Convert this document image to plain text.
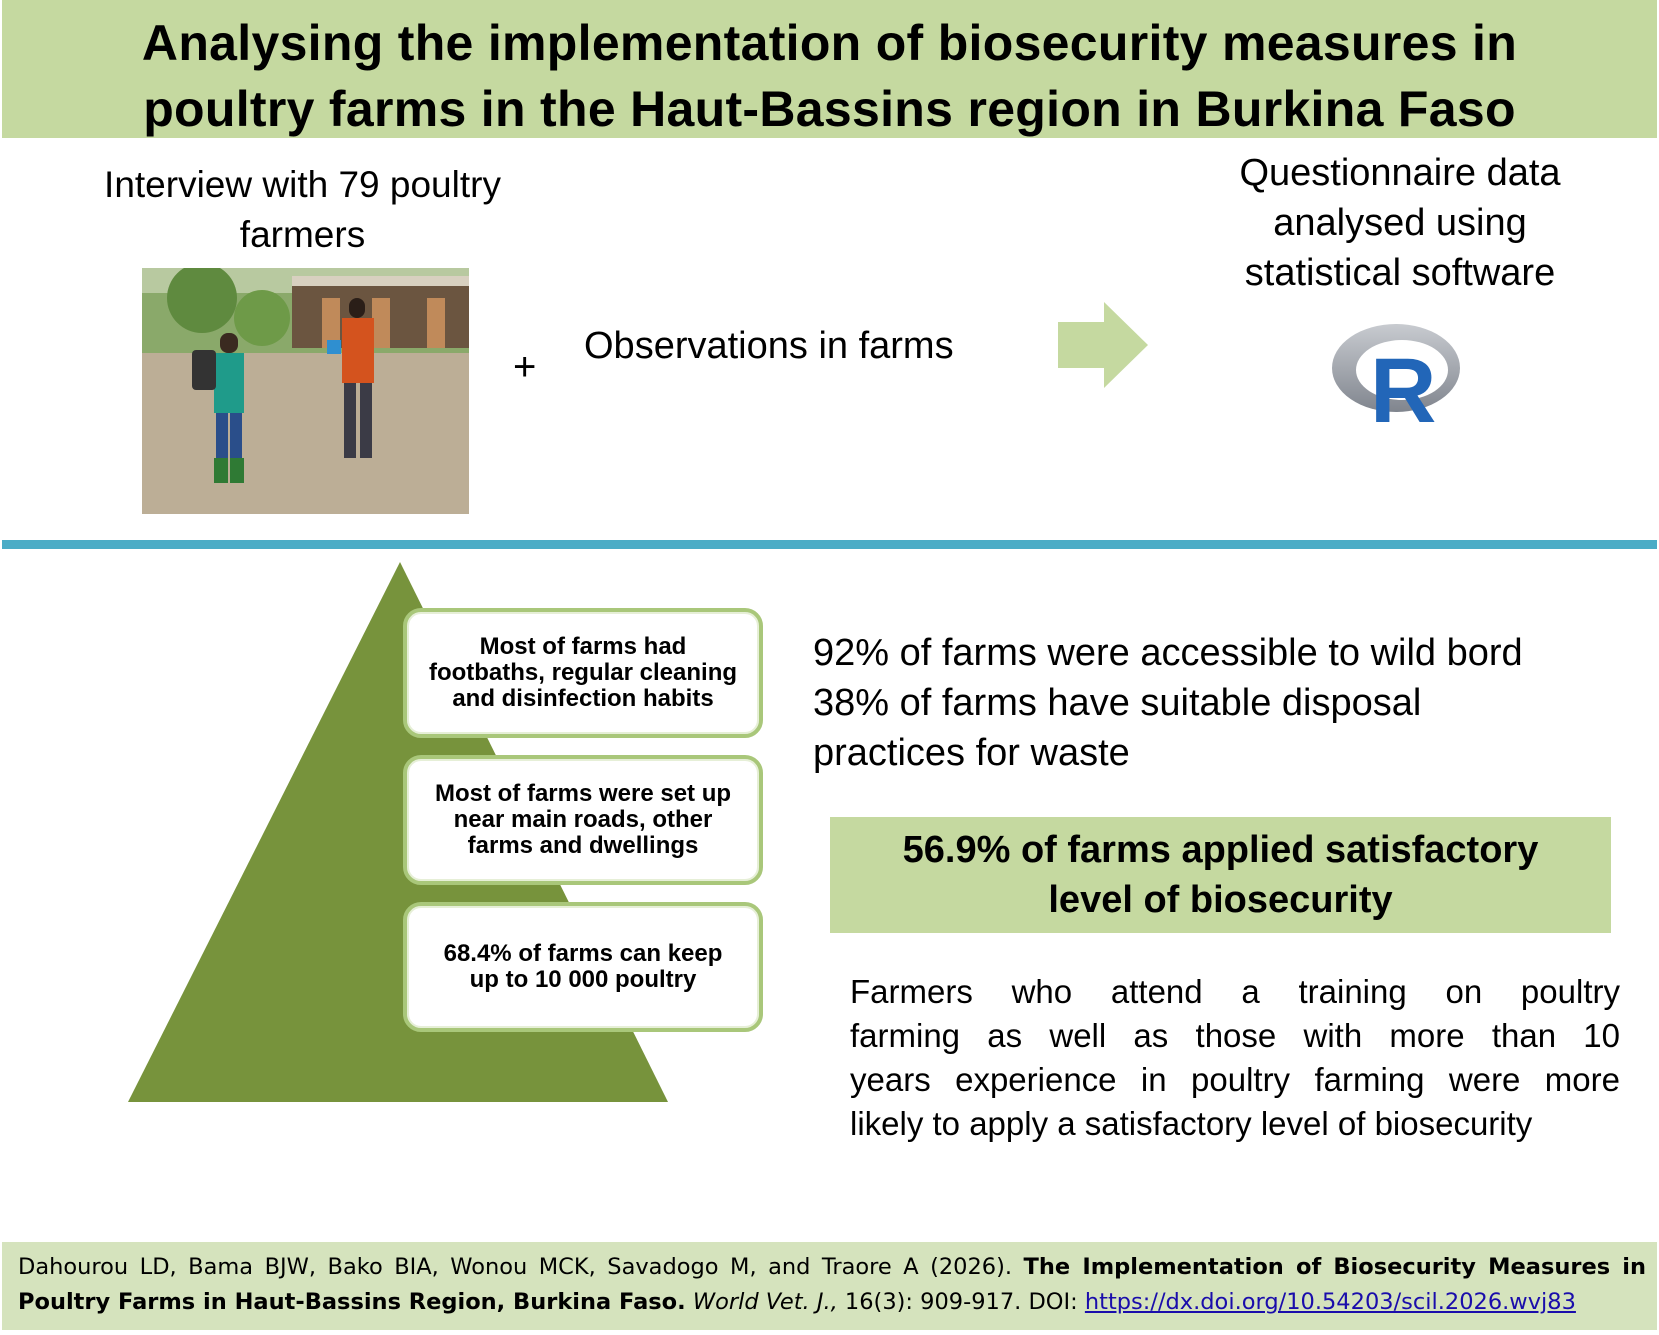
Analysing the implementation of biosecurity measures in
poultry farms in the Haut-Bassins region in Burkina Faso
Interview with 79 poultry
farmers
+ Observations in farms
Questionnaire data
analysed using
statistical software
R
Most of farms had
footbaths, regular cleaning
and disinfection habits
Most of farms were set up
near main roads, other
farms and dwellings
68.4% of farms can keep
up to 10 000 poultry
92% of farms were accessible to wild bord
38% of farms have suitable disposal
practices for waste
56.9% of farms applied satisfactory
level of biosecurity
Farmers who attend a training on poultry
farming as well as those with more than 10
years experience in poultry farming were more
likely to apply a satisfactory level of biosecurity
Dahourou LD, Bama BJW, Bako BIA, Wonou MCK, Savadogo M, and Traore A (2026). The Implementation of Biosecurity Measures in Poultry Farms in Haut-Bassins Region, Burkina Faso. World Vet. J., 16(3): 909-917. DOI: https://dx.doi.org/10.54203/scil.2026.wvj83
